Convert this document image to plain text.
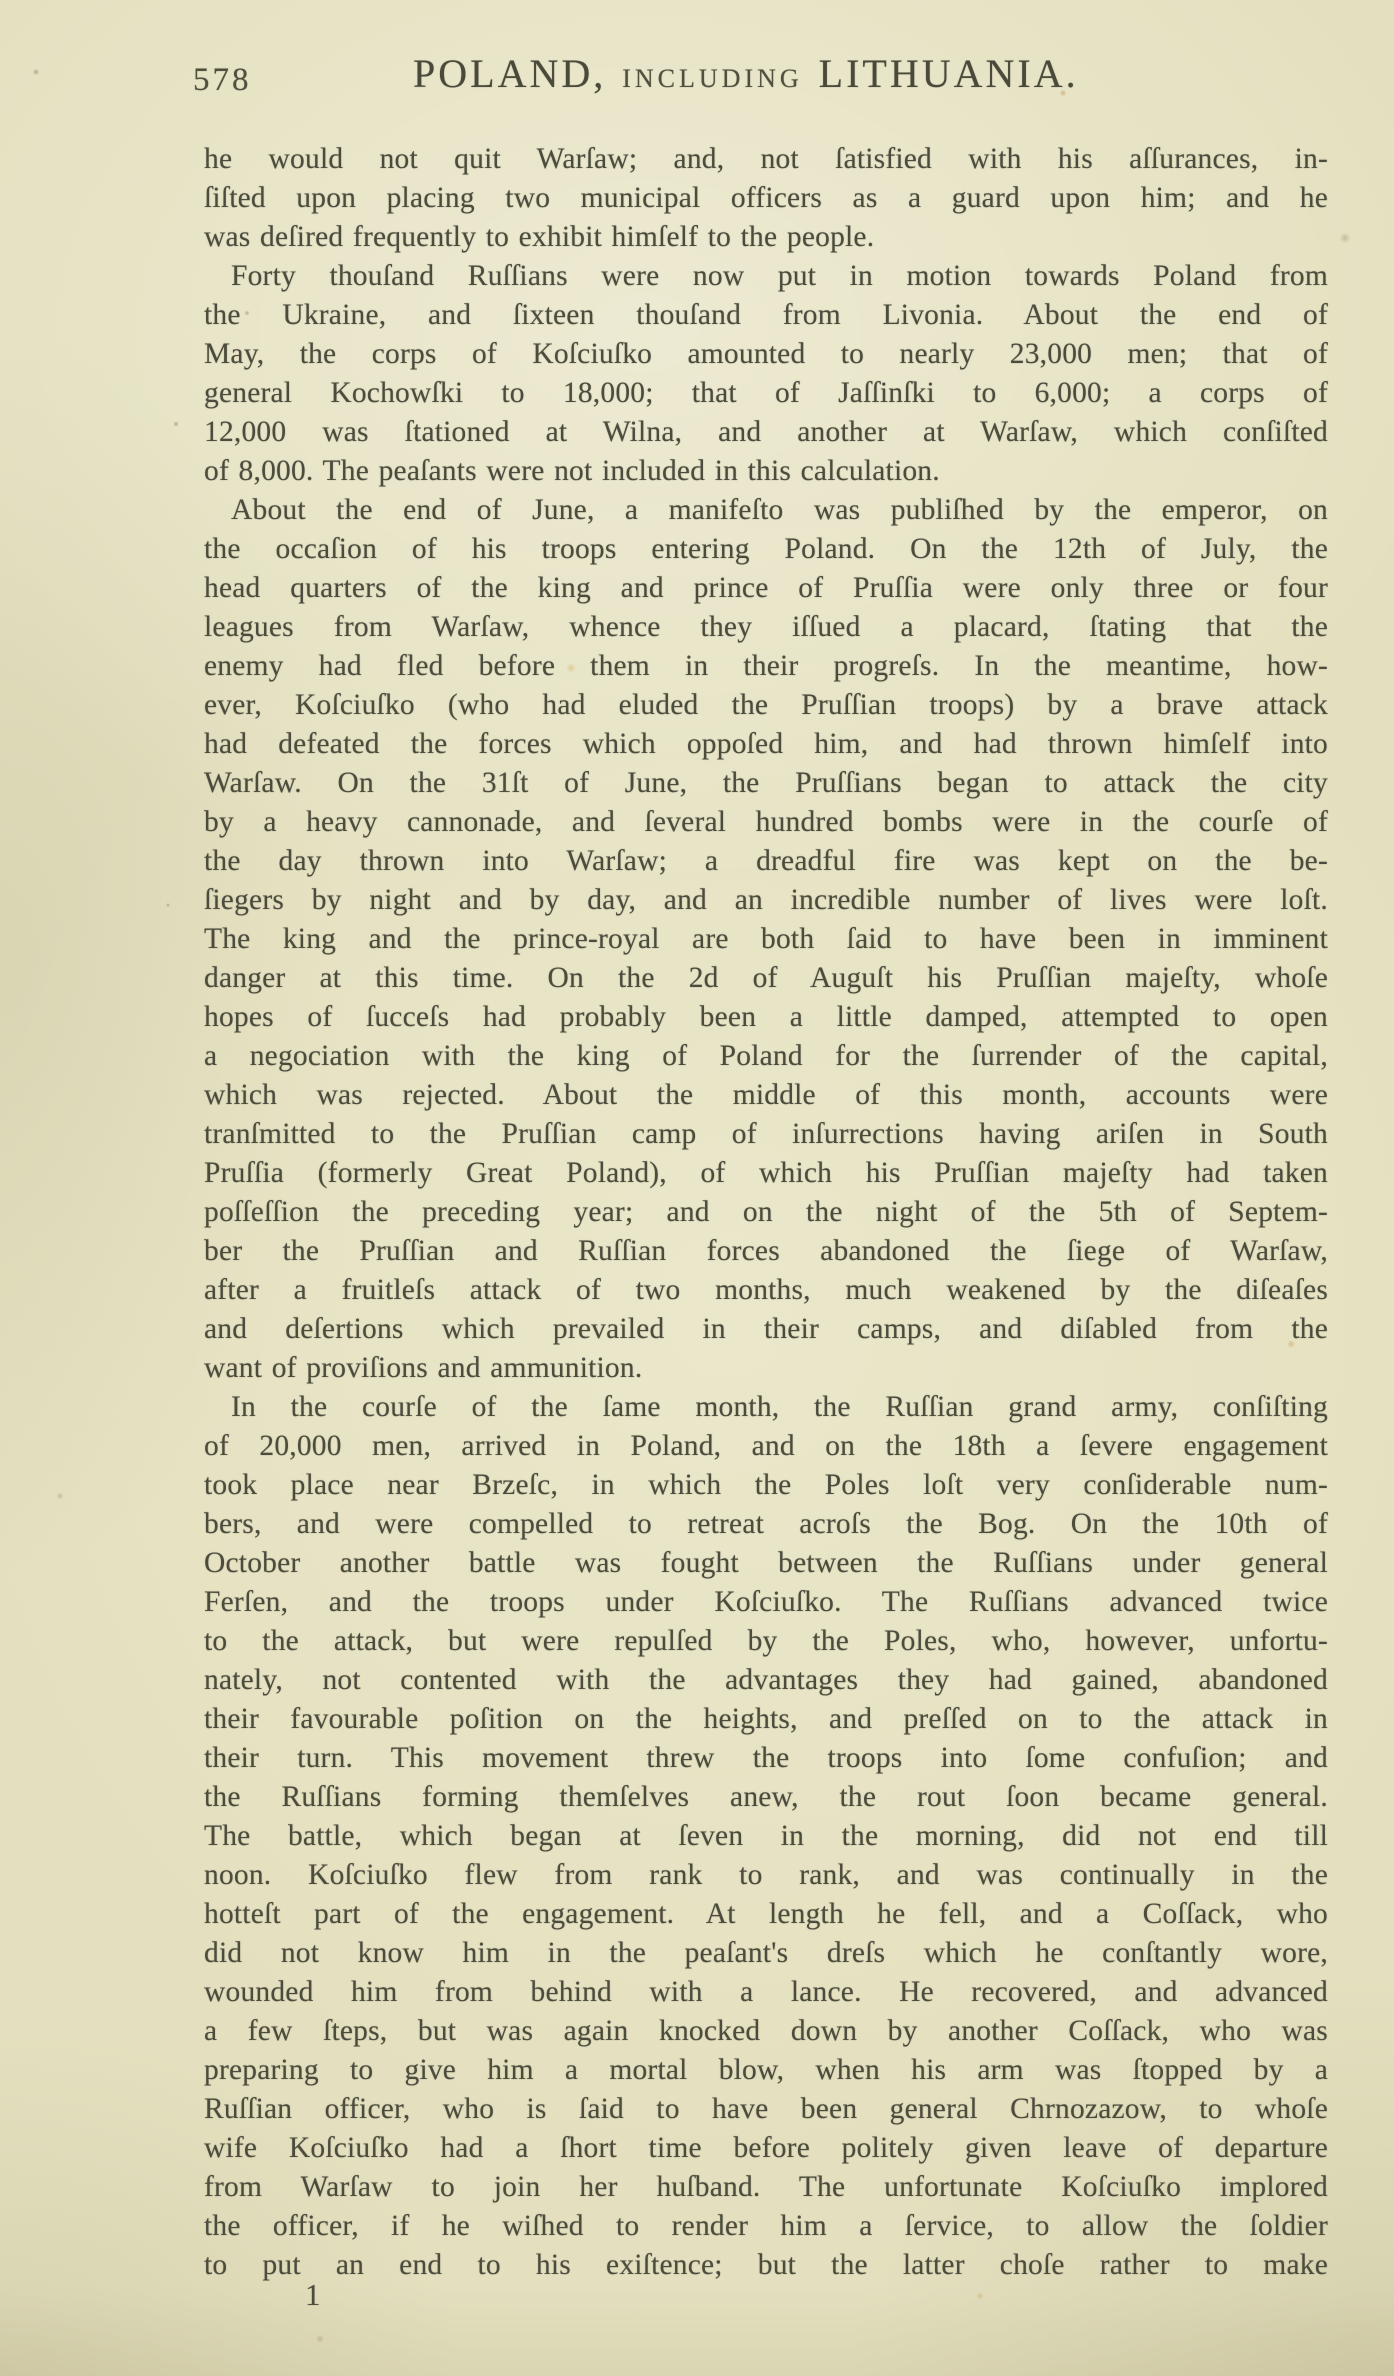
578	POLAND, INCLUDING LITHUANIA.
he would not quit Warſaw; and, not ſatisfied with his aſſurances, in-
ſiſted upon placing two municipal officers as a guard upon him; and he
was deſired frequently to exhibit himſelf to the people.
Forty thouſand Ruſſians were now put in motion towards Poland from
the Ukraine, and ſixteen thouſand from Livonia. About the end of
May, the corps of Koſciuſko amounted to nearly 23,000 men; that of
general Kochowſki to 18,000; that of Jaſſinſki to 6,000; a corps of
12,000 was ſtationed at Wilna, and another at Warſaw, which conſiſted
of 8,000. The peaſants were not included in this calculation.
About the end of June, a manifeſto was publiſhed by the emperor, on
the occaſion of his troops entering Poland. On the 12th of July, the
head quarters of the king and prince of Pruſſia were only three or four
leagues from Warſaw, whence they iſſued a placard, ſtating that the
enemy had fled before them in their progreſs. In the meantime, how-
ever, Koſciuſko (who had eluded the Pruſſian troops) by a brave attack
had defeated the forces which oppoſed him, and had thrown himſelf into
Warſaw. On the 31ſt of June, the Pruſſians began to attack the city
by a heavy cannonade, and ſeveral hundred bombs were in the courſe of
the day thrown into Warſaw; a dreadful fire was kept on the be-
ſiegers by night and by day, and an incredible number of lives were loſt.
The king and the prince-royal are both ſaid to have been in imminent
danger at this time. On the 2d of Auguſt his Pruſſian majeſty, whoſe
hopes of ſucceſs had probably been a little damped, attempted to open
a negociation with the king of Poland for the ſurrender of the capital,
which was rejected. About the middle of this month, accounts were
tranſmitted to the Pruſſian camp of inſurrections having ariſen in South
Pruſſia (formerly Great Poland), of which his Pruſſian majeſty had taken
poſſeſſion the preceding year; and on the night of the 5th of Septem-
ber the Pruſſian and Ruſſian forces abandoned the ſiege of Warſaw,
after a fruitleſs attack of two months, much weakened by the diſeaſes
and deſertions which prevailed in their camps, and diſabled from the
want of proviſions and ammunition.
In the courſe of the ſame month, the Ruſſian grand army, conſiſting
of 20,000 men, arrived in Poland, and on the 18th a ſevere engagement
took place near Brzeſc, in which the Poles loſt very conſiderable num-
bers, and were compelled to retreat acroſs the Bog. On the 10th of
October another battle was fought between the Ruſſians under general
Ferſen, and the troops under Koſciuſko. The Ruſſians advanced twice
to the attack, but were repulſed by the Poles, who, however, unfortu-
nately, not contented with the advantages they had gained, abandoned
their favourable poſition on the heights, and preſſed on to the attack in
their turn. This movement threw the troops into ſome confuſion; and
the Ruſſians forming themſelves anew, the rout ſoon became general.
The battle, which began at ſeven in the morning, did not end till
noon. Koſciuſko flew from rank to rank, and was continually in the
hotteſt part of the engagement. At length he fell, and a Coſſack, who
did not know him in the peaſant's dreſs which he conſtantly wore,
wounded him from behind with a lance. He recovered, and advanced
a few ſteps, but was again knocked down by another Coſſack, who was
preparing to give him a mortal blow, when his arm was ſtopped by a
Ruſſian officer, who is ſaid to have been general Chrnozazow, to whoſe
wife Koſciuſko had a ſhort time before politely given leave of departure
from Warſaw to join her huſband. The unfortunate Koſciuſko implored
the officer, if he wiſhed to render him a ſervice, to allow the ſoldier
to put an end to his exiſtence; but the latter choſe rather to make
1
